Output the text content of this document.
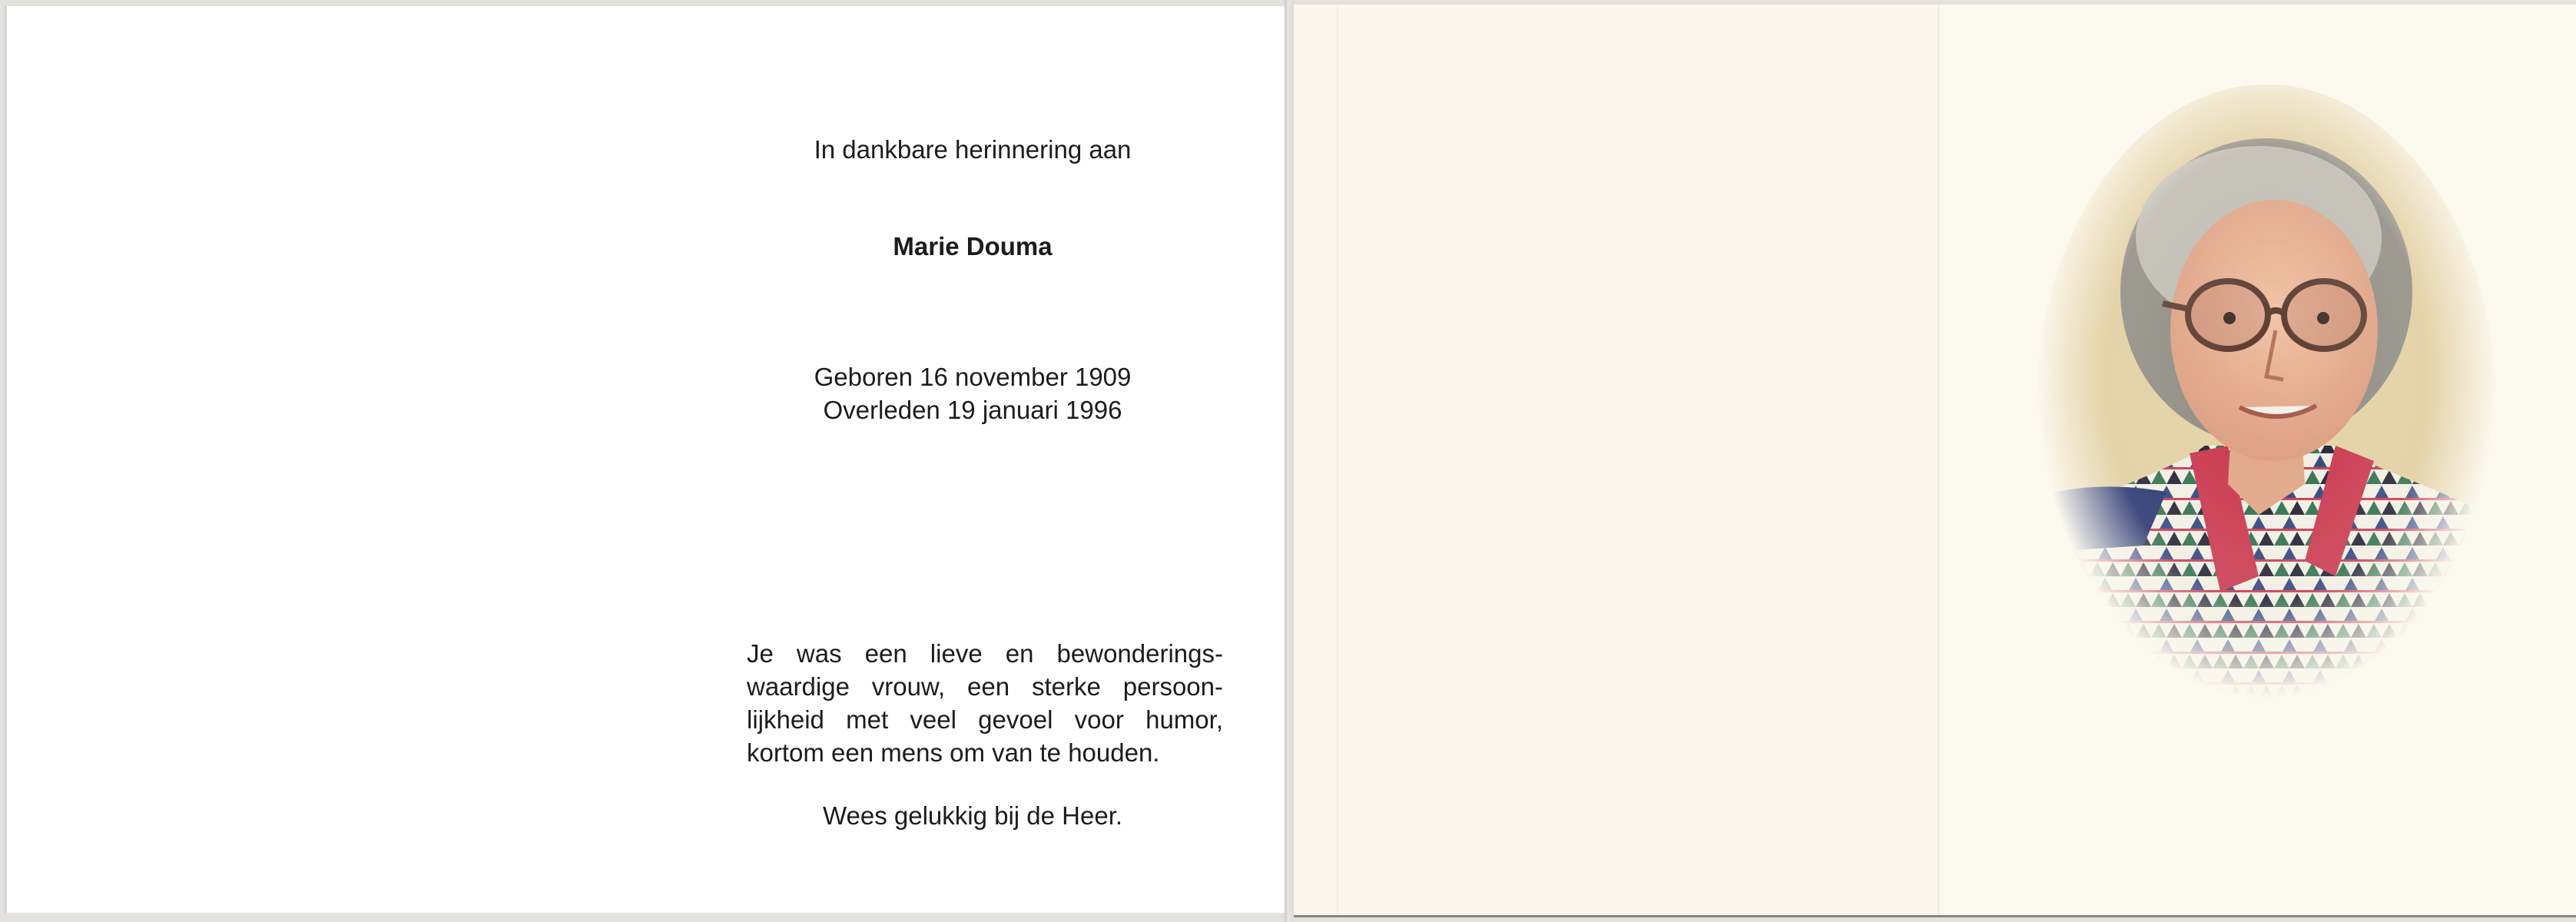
In dankbare herinnering aan
Marie Douma
Geboren 16 november 1909
Overleden 19 januari 1996
Je was een lieve en bewonderings-
waardige vrouw, een sterke persoon-
lijkheid met veel gevoel voor humor,
kortom een mens om van te houden.
Wees gelukkig bij de Heer.
